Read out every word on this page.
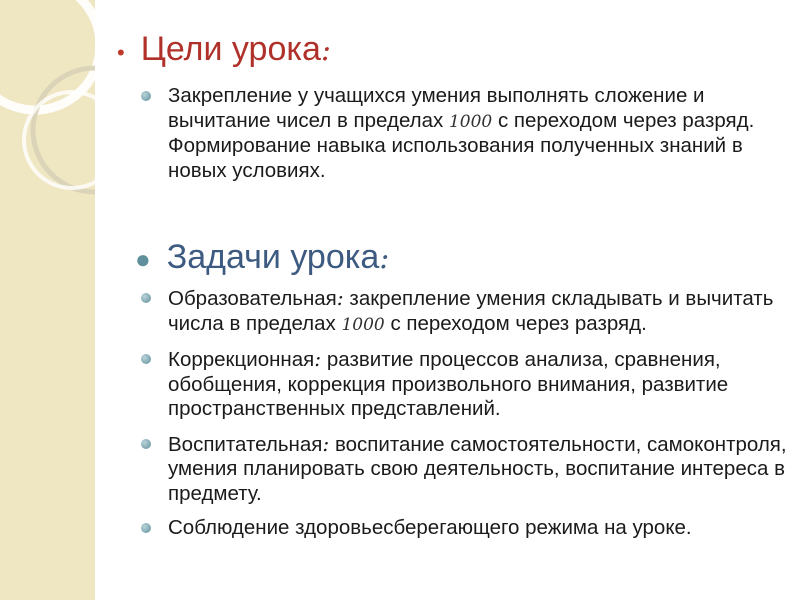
• Цели урока :
Закрепление у учащихся умения выполнять сложение и вычитание чисел в пределах 1000 с переходом через разряд. Формирование навыка использования полученных знаний в новых условиях.
● Задачи урока :
Образовательная: закрепление умения складывать и вычитать числа в пределах 1000 с переходом через разряд.
Коррекционная: развитие процессов анализа, сравнения, обобщения, коррекция произвольного внимания, развитие пространственных представлений.
Воспитательная: воспитание самостоятельности, самоконтроля, умения планировать свою деятельность, воспитание интереса в предмету.
Соблюдение здоровьесберегающего режима на уроке.
